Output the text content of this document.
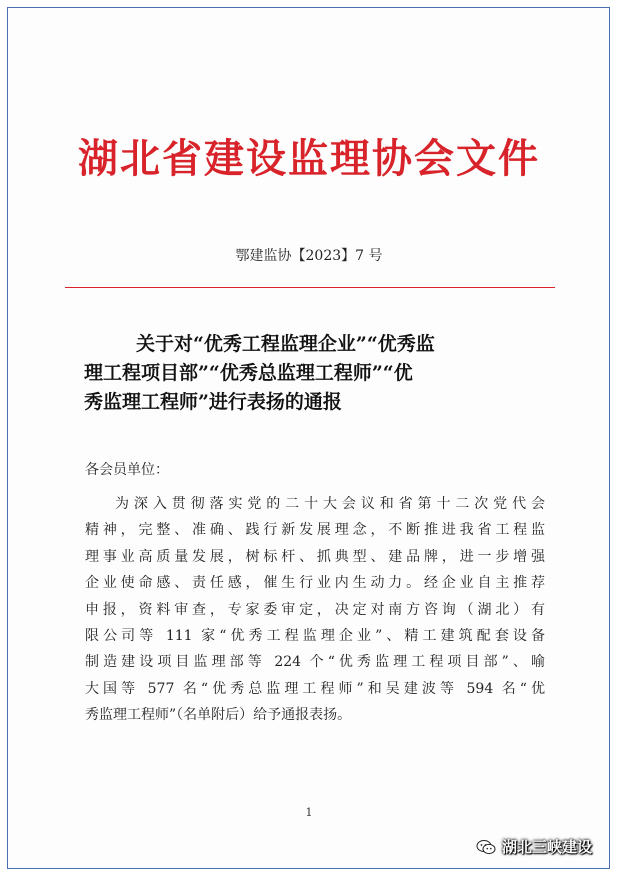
湖北省建设监理协会文件
鄂建监协【2023】7 号
关于对“优秀工程监理企业”“优秀监
理工程项目部”“优秀总监理工程师”“优
秀监理工程师”进行表扬的通报
各会员单位：
为深入贯彻落实党的二十大会议和省第十二次党代会
精神，完整、准确、践行新发展理念，不断推进我省工程监
理事业高质量发展，树标杆、抓典型、建品牌，进一步增强
企业使命感、责任感，催生行业内生动力。经企业自主推荐
申报，资料审查，专家委审定，决定对南方咨询（湖北）有
限公司等 111 家“优秀工程监理企业”、精工建筑配套设备
制造建设项目监理部等 224 个“优秀监理工程项目部”、喻
大国等 577 名“优秀总监理工程师”和吴建波等 594 名“优
秀监理工程师”（名单附后）给予通报表扬。
1
湖北三峡建设
